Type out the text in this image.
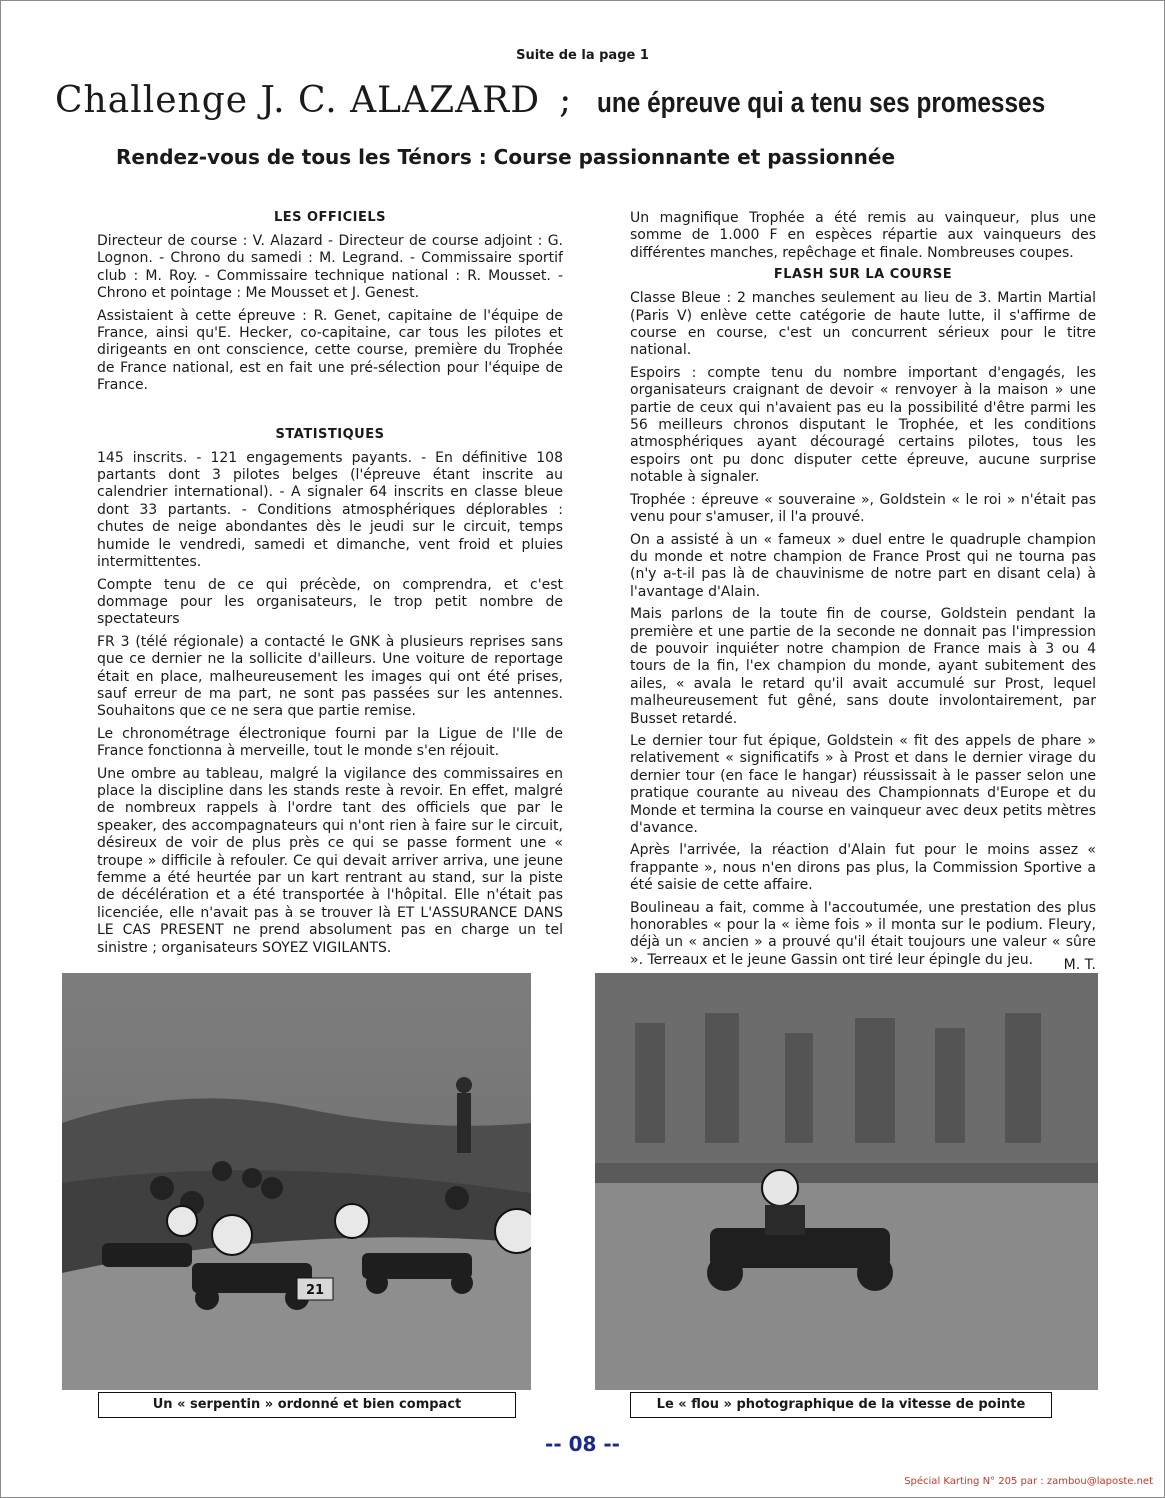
Suite de la page 1
Challenge J. C. ALAZARD ; une épreuve qui a tenu ses promesses
Rendez-vous de tous les Ténors : Course passionnante et passionnée
LES OFFICIELS

Directeur de course : V. Alazard - Directeur de course adjoint : G. Lognon. - Chrono du samedi : M. Legrand. - Commissaire sportif club : M. Roy. - Commissaire technique national : R. Mousset. - Chrono et pointage : Me Mousset et J. Genest.

Assistaient à cette épreuve : R. Genet, capitaine de l'équipe de France, ainsi qu'E. Hecker, co-capitaine, car tous les pilotes et dirigeants en ont conscience, cette course, première du Trophée de France national, est en fait une pré-sélection pour l'équipe de France.

STATISTIQUES

145 inscrits. - 121 engagements payants. - En définitive 108 partants dont 3 pilotes belges (l'épreuve étant inscrite au calendrier international). - A signaler 64 inscrits en classe bleue dont 33 partants. - Conditions atmosphériques déplorables : chutes de neige abondantes dès le jeudi sur le circuit, temps humide le vendredi, samedi et dimanche, vent froid et pluies intermittentes.

Compte tenu de ce qui précède, on comprendra, et c'est dommage pour les organisateurs, le trop petit nombre de spectateurs

FR 3 (télé régionale) a contacté le GNK à plusieurs reprises sans que ce dernier ne la sollicite d'ailleurs. Une voiture de reportage était en place, malheureusement les images qui ont été prises, sauf erreur de ma part, ne sont pas passées sur les antennes. Souhaitons que ce ne sera que partie remise.

Le chronométrage électronique fourni par la Ligue de l'Ile de France fonctionna à merveille, tout le monde s'en réjouit.

Une ombre au tableau, malgré la vigilance des commissaires en place la discipline dans les stands reste à revoir. En effet, malgré de nombreux rappels à l'ordre tant des officiels que par le speaker, des accompagnateurs qui n'ont rien à faire sur le circuit, désireux de voir de plus près ce qui se passe forment une « troupe » difficile à refouler. Ce qui devait arriver arriva, une jeune femme a été heurtée par un kart rentrant au stand, sur la piste de décélération et a été transportée à l'hôpital. Elle n'était pas licenciée, elle n'avait pas à se trouver là ET L'ASSURANCE DANS LE CAS PRESENT ne prend absolument pas en charge un tel sinistre ; organisateurs SOYEZ VIGILANTS.

Un magnifique Trophée a été remis au vainqueur, plus une somme de 1.000 F en espèces répartie aux vainqueurs des différentes manches, repêchage et finale. Nombreuses coupes.

FLASH SUR LA COURSE

Classe Bleue : 2 manches seulement au lieu de 3. Martin Martial (Paris V) enlève cette catégorie de haute lutte, il s'affirme de course en course, c'est un concurrent sérieux pour le titre national.

Espoirs : compte tenu du nombre important d'engagés, les organisateurs craignant de devoir « renvoyer à la maison » une partie de ceux qui n'avaient pas eu la possibilité d'être parmi les 56 meilleurs chronos disputant le Trophée, et les conditions atmosphériques ayant découragé certains pilotes, tous les espoirs ont pu donc disputer cette épreuve, aucune surprise notable à signaler.

Trophée : épreuve « souveraine », Goldstein « le roi » n'était pas venu pour s'amuser, il l'a prouvé.

On a assisté à un « fameux » duel entre le quadruple champion du monde et notre champion de France Prost qui ne tourna pas (n'y a-t-il pas là de chauvinisme de notre part en disant cela) à l'avantage d'Alain.

Mais parlons de la toute fin de course, Goldstein pendant la première et une partie de la seconde ne donnait pas l'impression de pouvoir inquiéter notre champion de France mais à 3 ou 4 tours de la fin, l'ex champion du monde, ayant subitement des ailes, « avala le retard qu'il avait accumulé sur Prost, lequel malheureusement fut gêné, sans doute involontairement, par Busset retardé.

Le dernier tour fut épique, Goldstein « fit des appels de phare » relativement « significatifs » à Prost et dans le dernier virage du dernier tour (en face le hangar) réussissait à le passer selon une pratique courante au niveau des Championnats d'Europe et du Monde et termina la course en vainqueur avec deux petits mètres d'avance.

Après l'arrivée, la réaction d'Alain fut pour le moins assez « frappante », nous n'en dirons pas plus, la Commission Sportive a été saisie de cette affaire.

Boulineau a fait, comme à l'accoutumée, une prestation des plus honorables « pour la « ième fois » il monta sur le podium. Fleury, déjà un « ancien » a prouvé qu'il était toujours une valeur « sûre ». Terreaux et le jeune Gassin ont tiré leur épingle du jeu.	M. T.
21
Un « serpentin » ordonné et bien compact	Le « flou » photographique de la vitesse de pointe
-- 08 --
Spécial Karting N° 205 par : zambou@laposte.net
